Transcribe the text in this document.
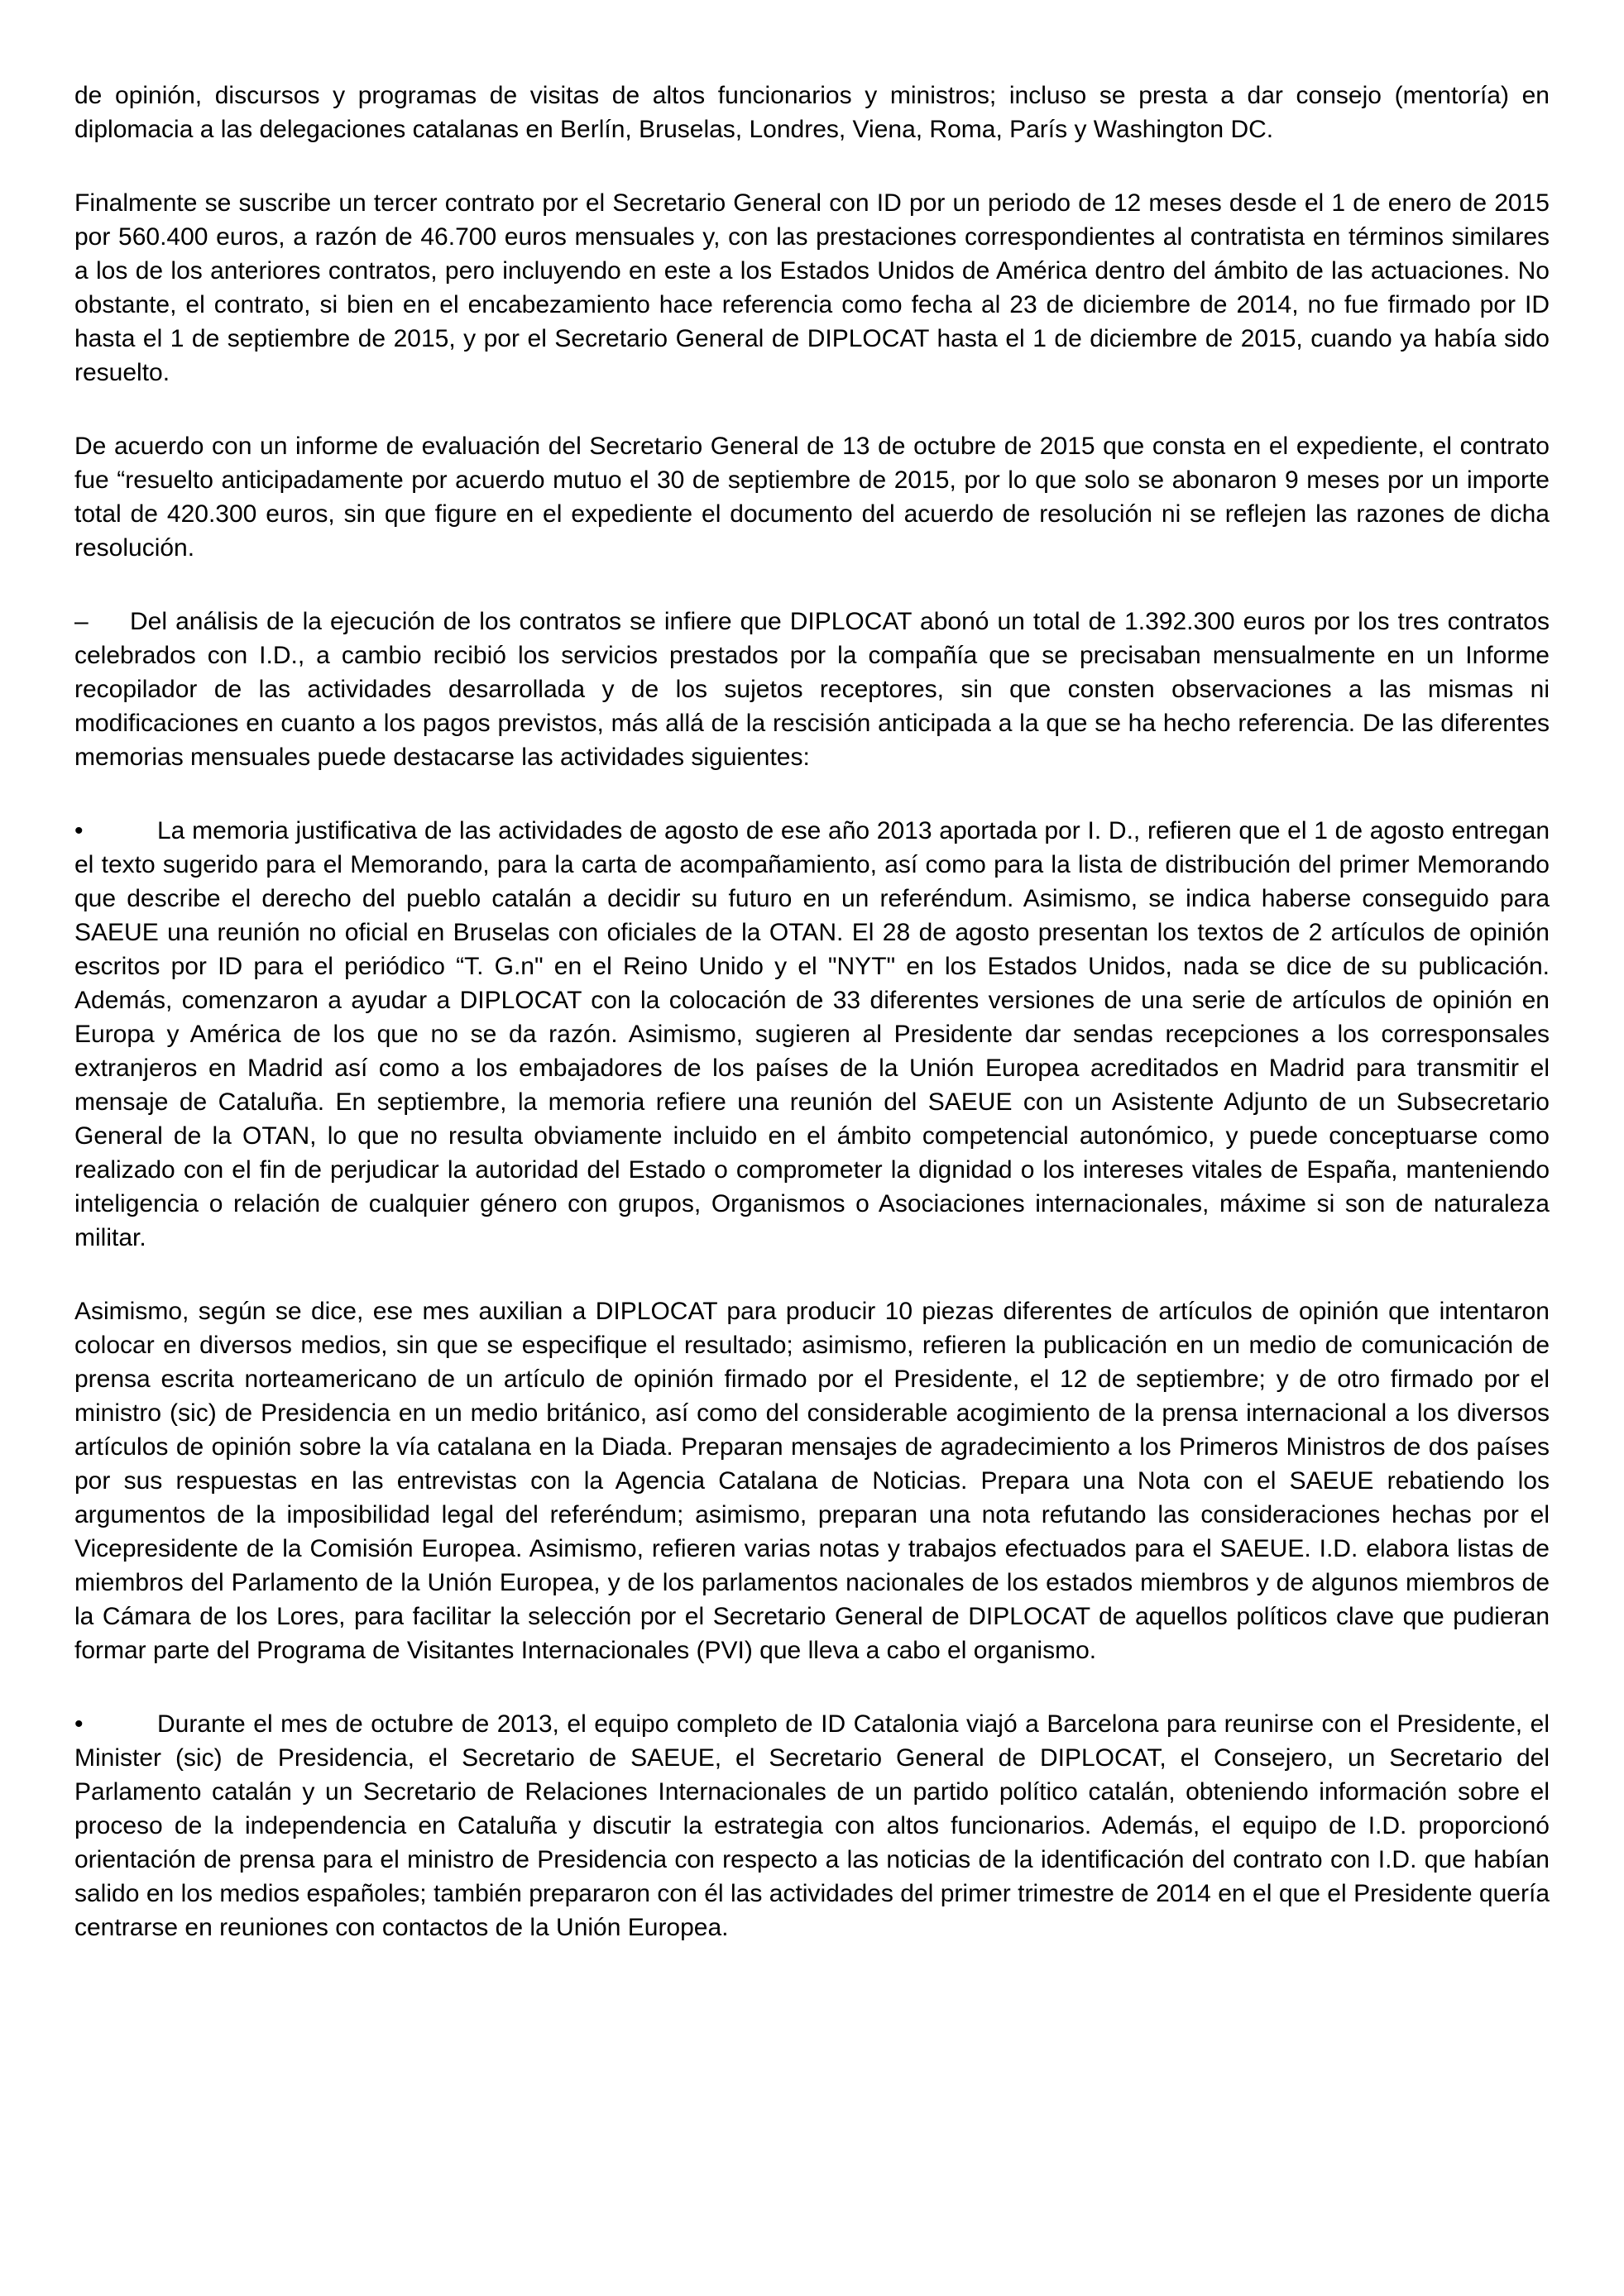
de opinión, discursos y programas de visitas de altos funcionarios y ministros; incluso se presta a dar consejo (mentoría) en diplomacia a las delegaciones catalanas en Berlín, Bruselas, Londres, Viena, Roma, París y Washington DC.

Finalmente se suscribe un tercer contrato por el Secretario General con ID por un periodo de 12 meses desde el 1 de enero de 2015 por 560.400 euros, a razón de 46.700 euros mensuales y, con las prestaciones correspondientes al contratista en términos similares a los de los anteriores contratos, pero incluyendo en este a los Estados Unidos de América dentro del ámbito de las actuaciones. No obstante, el contrato, si bien en el encabezamiento hace referencia como fecha al 23 de diciembre de 2014, no fue firmado por ID hasta el 1 de septiembre de 2015, y por el Secretario General de DIPLOCAT hasta el 1 de diciembre de 2015, cuando ya había sido resuelto.

De acuerdo con un informe de evaluación del Secretario General de 13 de octubre de 2015 que consta en el expediente, el contrato fue “resuelto anticipadamente por acuerdo mutuo el 30 de septiembre de 2015, por lo que solo se abonaron 9 meses por un importe total de 420.300 euros, sin que figure en el expediente el documento del acuerdo de resolución ni se reflejen las razones de dicha resolución.

– Del análisis de la ejecución de los contratos se infiere que DIPLOCAT abonó un total de 1.392.300 euros por los tres contratos celebrados con I.D., a cambio recibió los servicios prestados por la compañía que se precisaban mensualmente en un Informe recopilador de las actividades desarrollada y de los sujetos receptores, sin que consten observaciones a las mismas ni modificaciones en cuanto a los pagos previstos, más allá de la rescisión anticipada a la que se ha hecho referencia. De las diferentes memorias mensuales puede destacarse las actividades siguientes:

•	La memoria justificativa de las actividades de agosto de ese año 2013 aportada por I. D., refieren que el 1 de agosto entregan el texto sugerido para el Memorando, para la carta de acompañamiento, así como para la lista de distribución del primer Memorando que describe el derecho del pueblo catalán a decidir su futuro en un referéndum. Asimismo, se indica haberse conseguido para SAEUE una reunión no oficial en Bruselas con oficiales de la OTAN. El 28 de agosto presentan los textos de 2 artículos de opinión escritos por ID para el periódico “T. G.n" en el Reino Unido y el "NYT" en los Estados Unidos, nada se dice de su publicación. Además, comenzaron a ayudar a DIPLOCAT con la colocación de 33 diferentes versiones de una serie de artículos de opinión en Europa y América de los que no se da razón. Asimismo, sugieren al Presidente dar sendas recepciones a los corresponsales extranjeros en Madrid así como a los embajadores de los países de la Unión Europea acreditados en Madrid para transmitir el mensaje de Cataluña. En septiembre, la memoria refiere una reunión del SAEUE con un Asistente Adjunto de un Subsecretario General de la OTAN, lo que no resulta obviamente incluido en el ámbito competencial autonómico, y puede conceptuarse como realizado con el fin de perjudicar la autoridad del Estado o comprometer la dignidad o los intereses vitales de España, manteniendo inteligencia o relación de cualquier género con grupos, Organismos o Asociaciones internacionales, máxime si son de naturaleza militar.

Asimismo, según se dice, ese mes auxilian a DIPLOCAT para producir 10 piezas diferentes de artículos de opinión que intentaron colocar en diversos medios, sin que se especifique el resultado; asimismo, refieren la publicación en un medio de comunicación de prensa escrita norteamericano de un artículo de opinión firmado por el Presidente, el 12 de septiembre; y de otro firmado por el ministro (sic) de Presidencia en un medio británico, así como del considerable acogimiento de la prensa internacional a los diversos artículos de opinión sobre la vía catalana en la Diada. Preparan mensajes de agradecimiento a los Primeros Ministros de dos países por sus respuestas en las entrevistas con la Agencia Catalana de Noticias. Prepara una Nota con el SAEUE rebatiendo los argumentos de la imposibilidad legal del referéndum; asimismo, preparan una nota refutando las consideraciones hechas por el Vicepresidente de la Comisión Europea. Asimismo, refieren varias notas y trabajos efectuados para el SAEUE. I.D. elabora listas de miembros del Parlamento de la Unión Europea, y de los parlamentos nacionales de los estados miembros y de algunos miembros de la Cámara de los Lores, para facilitar la selección por el Secretario General de DIPLOCAT de aquellos políticos clave que pudieran formar parte del Programa de Visitantes Internacionales (PVI) que lleva a cabo el organismo.

•	Durante el mes de octubre de 2013, el equipo completo de ID Catalonia viajó a Barcelona para reunirse con el Presidente, el Minister (sic) de Presidencia, el Secretario de SAEUE, el Secretario General de DIPLOCAT, el Consejero, un Secretario del Parlamento catalán y un Secretario de Relaciones Internacionales de un partido político catalán, obteniendo información sobre el proceso de la independencia en Cataluña y discutir la estrategia con altos funcionarios. Además, el equipo de I.D. proporcionó orientación de prensa para el ministro de Presidencia con respecto a las noticias de la identificación del contrato con I.D. que habían salido en los medios españoles; también prepararon con él las actividades del primer trimestre de 2014 en el que el Presidente quería centrarse en reuniones con contactos de la Unión Europea.
